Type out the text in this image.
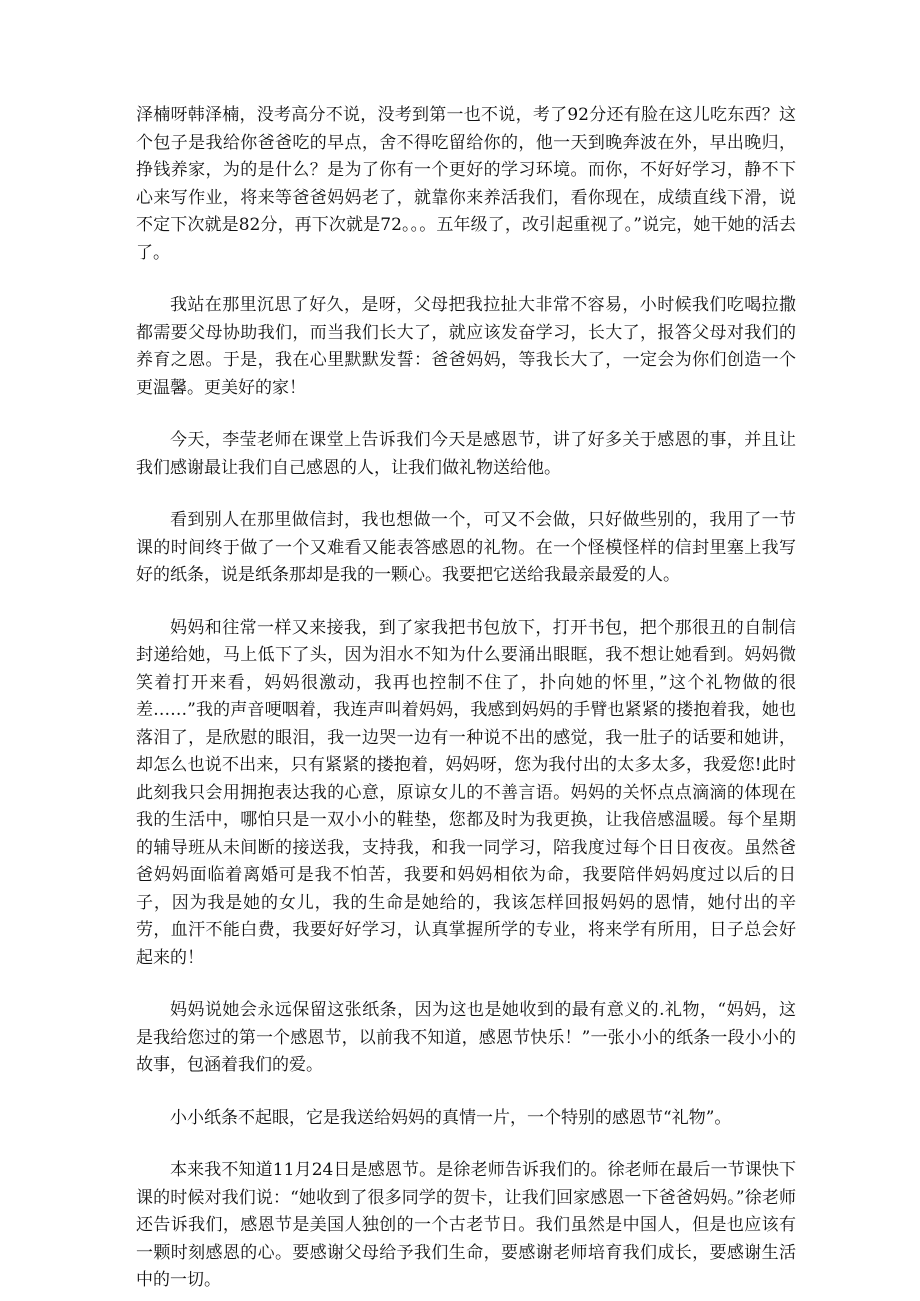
泽楠呀韩泽楠，没考高分不说，没考到第一也不说，考了92分还有脸在这儿吃东西？这个包子是我给你爸爸吃的早点，舍不得吃留给你的，他一天到晚奔波在外，早出晚归，挣钱养家，为的是什么？是为了你有一个更好的学习环境。而你，不好好学习，静不下心来写作业，将来等爸爸妈妈老了，就靠你来养活我们，看你现在，成绩直线下滑，说不定下次就是82分，再下次就是72。。。五年级了，改引起重视了。”说完，她干她的活去了。

我站在那里沉思了好久，是呀，父母把我拉扯大非常不容易，小时候我们吃喝拉撒都需要父母协助我们，而当我们长大了，就应该发奋学习，长大了，报答父母对我们的养育之恩。于是，我在心里默默发誓：爸爸妈妈，等我长大了，一定会为你们创造一个更温馨。更美好的家！

今天，李莹老师在课堂上告诉我们今天是感恩节，讲了好多关于感恩的事，并且让我们感谢最让我们自己感恩的人，让我们做礼物送给他。

看到别人在那里做信封，我也想做一个，可又不会做，只好做些别的，我用了一节课的时间终于做了一个又难看又能表答感恩的礼物。在一个怪模怪样的信封里塞上我写好的纸条，说是纸条那却是我的一颗心。我要把它送给我最亲最爱的人。

妈妈和往常一样又来接我，到了家我把书包放下，打开书包，把个那很丑的自制信封递给她，马上低下了头，因为泪水不知为什么要涌出眼眶，我不想让她看到。妈妈微笑着打开来看，妈妈很激动，我再也控制不住了，扑向她的怀里，”这个礼物做的很差……”我的声音哽咽着，我连声叫着妈妈，我感到妈妈的手臂也紧紧的搂抱着我，她也落泪了，是欣慰的眼泪，我一边哭一边有一种说不出的感觉，我一肚子的话要和她讲，却怎么也说不出来，只有紧紧的搂抱着，妈妈呀，您为我付出的太多太多，我爱您!此时此刻我只会用拥抱表达我的心意，原谅女儿的不善言语。妈妈的关怀点点滴滴的体现在我的生活中，哪怕只是一双小小的鞋垫，您都及时为我更换，让我倍感温暖。每个星期的辅导班从未间断的接送我，支持我，和我一同学习，陪我度过每个日日夜夜。虽然爸爸妈妈面临着离婚可是我不怕苦，我要和妈妈相依为命，我要陪伴妈妈度过以后的日子，因为我是她的女儿，我的生命是她给的，我该怎样回报妈妈的恩情，她付出的辛劳，血汗不能白费，我要好好学习，认真掌握所学的专业，将来学有所用，日子总会好起来的！

妈妈说她会永远保留这张纸条，因为这也是她收到的最有意义的.礼物，“妈妈，这是我给您过的第一个感恩节，以前我不知道，感恩节快乐！”一张小小的纸条一段小小的故事，包涵着我们的爱。

小小纸条不起眼，它是我送给妈妈的真情一片，一个特别的感恩节“礼物”。

本来我不知道11月24日是感恩节。是徐老师告诉我们的。徐老师在最后一节课快下课的时候对我们说：“她收到了很多同学的贺卡，让我们回家感恩一下爸爸妈妈。”徐老师还告诉我们，感恩节是美国人独创的一个古老节日。我们虽然是中国人，但是也应该有一颗时刻感恩的心。要感谢父母给予我们生命，要感谢老师培育我们成长，要感谢生活中的一切。
